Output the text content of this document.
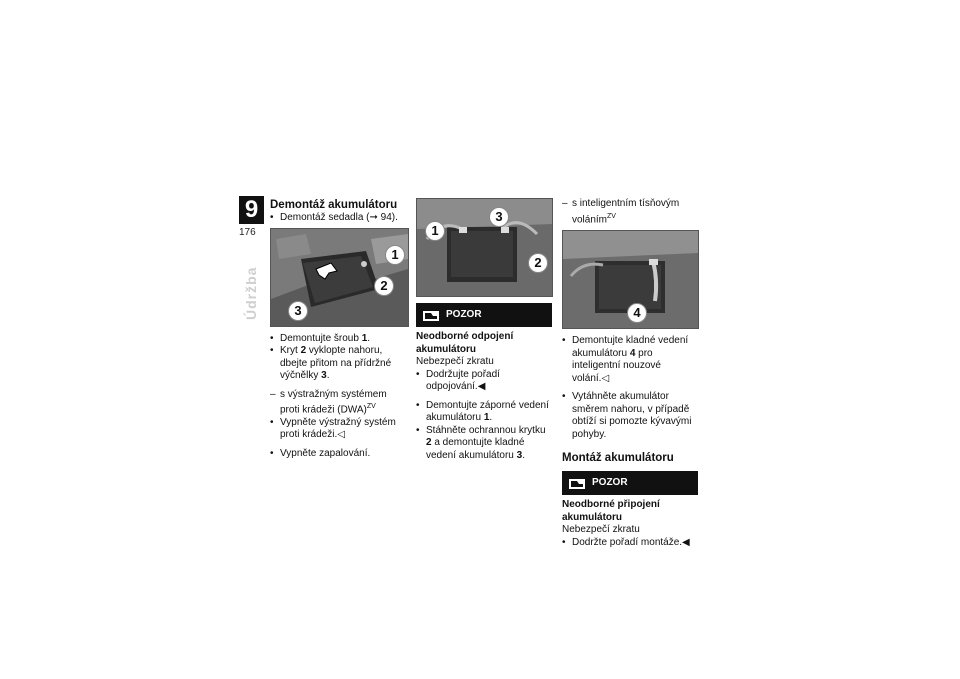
9
176
Údržba
Demontáž akumulátoru

• Demontáž sedadla (➞ 94).

1
2
3

• Demontujte šroub 1.

• Kryt 2 vyklopte nahoru, dbejte přitom na přídržné výčnělky 3.

– s výstražným systémem proti krádeži (DWA)$^{ZV}$

• Vypněte výstražný systém proti krádeži.◁

• Vypněte zapalování.

1
3
2
POZOR
Neodborné odpojení akumulátoru
Nebezpečí zkratu

• Dodržujte pořadí odpojování.◀

• Demontujte záporné vedení akumulátoru 1.

• Stáhněte ochrannou krytku 2 a demontujte kladné vedení akumulátoru 3.

– s inteligentním tísňovým voláním$^{ZV}$

4

• Demontujte kladné vedení akumulátoru 4 pro inteligentní nouzové volání.◁

• Vytáhněte akumulátor směrem nahoru, v případě obtíží si pomozte kývavými pohyby.

Montáž akumulátoru
POZOR
Neodborné připojení akumulátoru
Nebezpečí zkratu

• Dodržte pořadí montáže.◀
